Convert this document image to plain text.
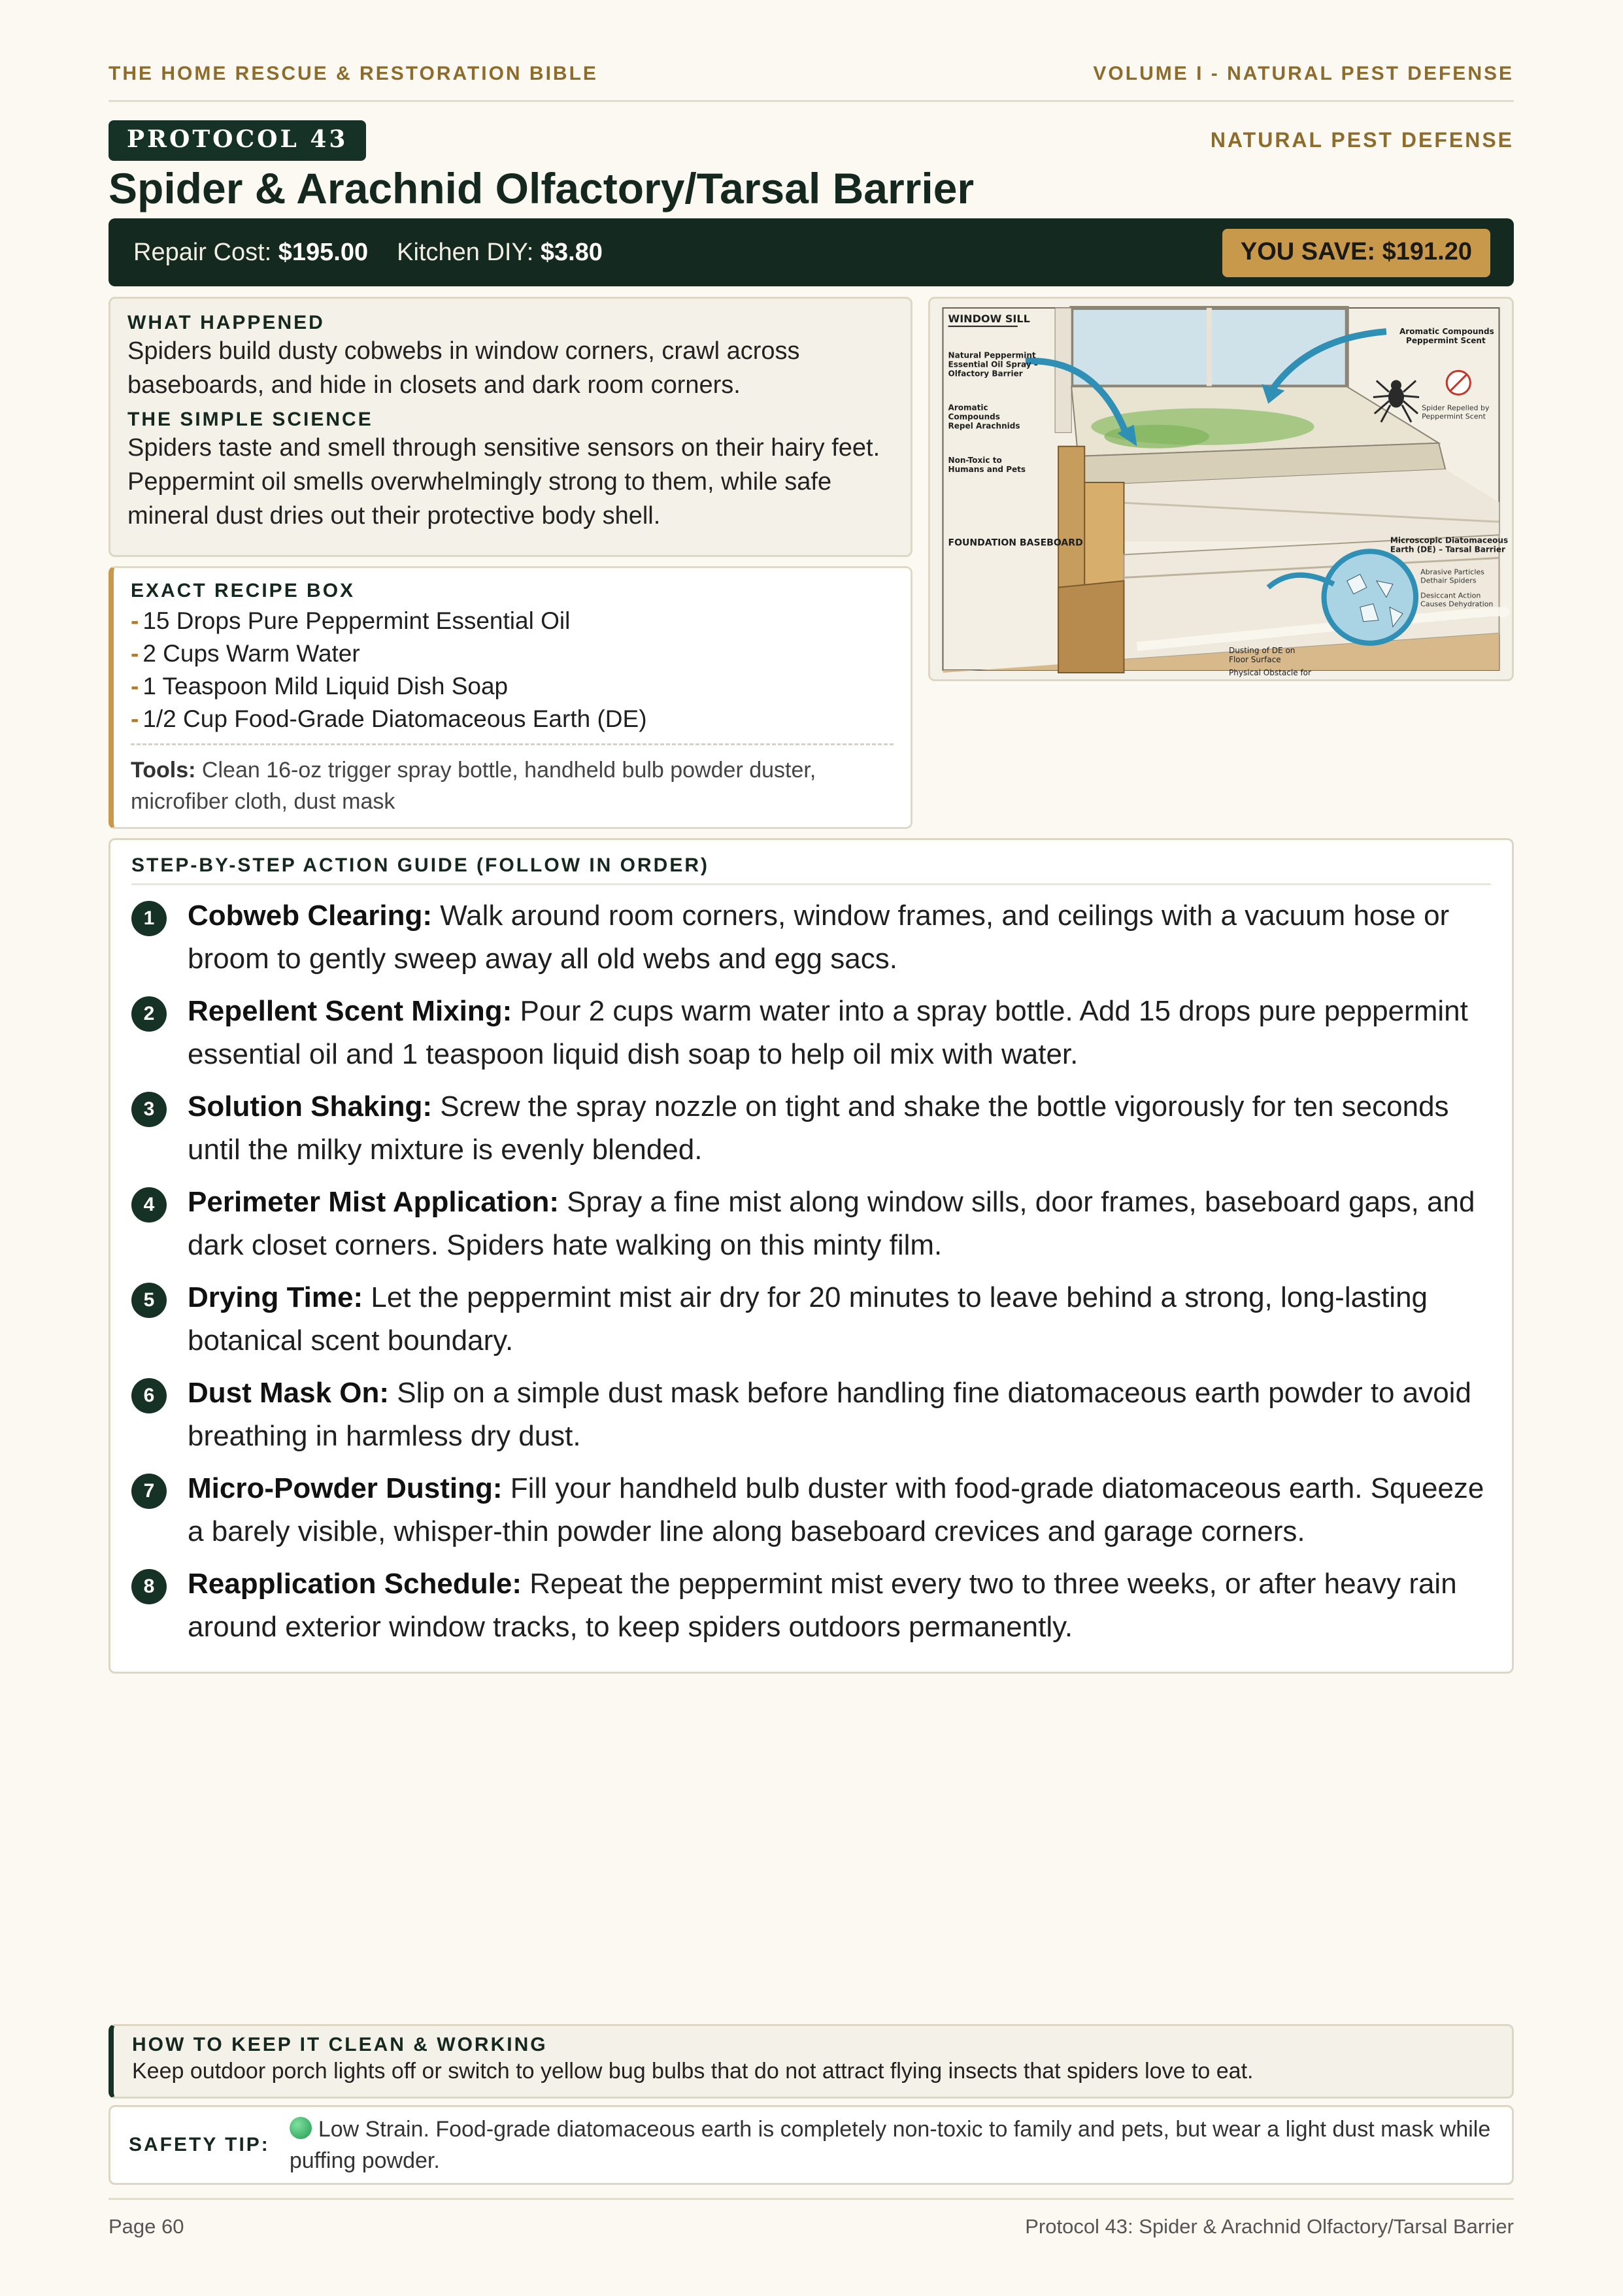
THE HOME RESCUE & RESTORATION BIBLE	VOLUME I - NATURAL PEST DEFENSE
PROTOCOL 43	NATURAL PEST DEFENSE
Spider & Arachnid Olfactory/Tarsal Barrier
Repair Cost: $195.00 Kitchen DIY: $3.80	YOU SAVE: $191.20
WHAT HAPPENED

Spiders build dusty cobwebs in window corners, crawl across baseboards, and hide in closets and dark room corners.

THE SIMPLE SCIENCE

Spiders taste and smell through sensitive sensors on their hairy feet. Peppermint oil smells overwhelmingly strong to them, while safe mineral dust dries out their protective body shell.

EXACT RECIPE BOX
- 15 Drops Pure Peppermint Essential Oil
- 2 Cups Warm Water
- 1 Teaspoon Mild Liquid Dish Soap
- 1/2 Cup Food-Grade Diatomaceous Earth (DE)
Tools: Clean 16-oz trigger spray bottle, handheld bulb powder duster, microfiber cloth, dust mask
WINDOW SILL
Natural Peppermint
Essential Oil Spray –
Olfactory Barrier
Aromatic
Compounds
Repel Arachnids
Non-Toxic to
Humans and Pets
Aromatic Compounds
Peppermint Scent
FOUNDATION BASEBOARD	Microscopic Diatomaceous
Earth (DE) – Tarsal Barrier
Dusting of DE on
Floor Surface
Physical Obstacle for
Spider Repelled by
Peppermint Scent
Abrasive Particles
Dethair Spiders
Desiccant Action
Causes Dehydration
STEP-BY-STEP ACTION GUIDE (FOLLOW IN ORDER)
1	Cobweb Clearing: Walk around room corners, window frames, and ceilings with a vacuum hose or broom to gently sweep away all old webs and egg sacs.

2	Repellent Scent Mixing: Pour 2 cups warm water into a spray bottle. Add 15 drops pure peppermint essential oil and 1 teaspoon liquid dish soap to help oil mix with water.

3	Solution Shaking: Screw the spray nozzle on tight and shake the bottle vigorously for ten seconds until the milky mixture is evenly blended.

4	Perimeter Mist Application: Spray a fine mist along window sills, door frames, baseboard gaps, and dark closet corners. Spiders hate walking on this minty film.

5	Drying Time: Let the peppermint mist air dry for 20 minutes to leave behind a strong, long-lasting botanical scent boundary.

6	Dust Mask On: Slip on a simple dust mask before handling fine diatomaceous earth powder to avoid breathing in harmless dry dust.

7	Micro-Powder Dusting: Fill your handheld bulb duster with food-grade diatomaceous earth. Squeeze a barely visible, whisper-thin powder line along baseboard crevices and garage corners.

8	Reapplication Schedule: Repeat the peppermint mist every two to three weeks, or after heavy rain around exterior window tracks, to keep spiders outdoors permanently.

HOW TO KEEP IT CLEAN & WORKING

Keep outdoor porch lights off or switch to yellow bug bulbs that do not attract flying insects that spiders love to eat.

SAFETY TIP:

Low Strain. Food-grade diatomaceous earth is completely non-toxic to family and pets, but wear a light dust mask while puffing powder.

Page 60	Protocol 43: Spider & Arachnid Olfactory/Tarsal Barrier
